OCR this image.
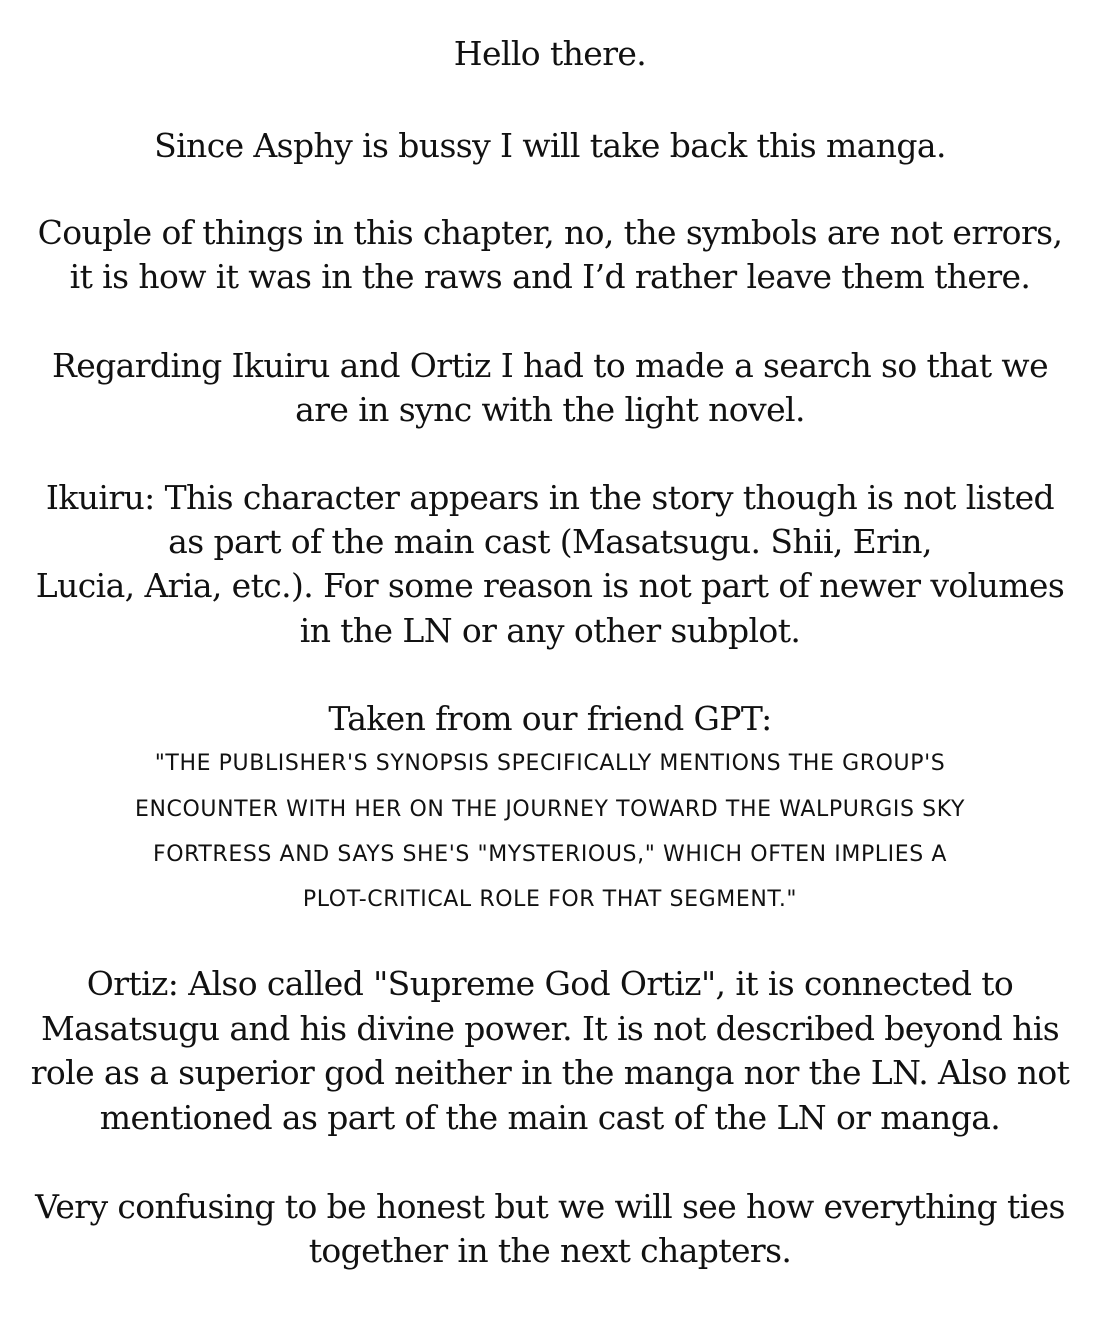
Hello there.
Since Asphy is bussy I will take back this manga.
Couple of things in this chapter, no, the symbols are not errors,
it is how it was in the raws and I’d rather leave them there.
Regarding Ikuiru and Ortiz I had to made a search so that we
are in sync with the light novel.
Ikuiru: This character appears in the story though is not listed
as part of the main cast (Masatsugu. Shii, Erin,
Lucia, Aria, etc.). For some reason is not part of newer volumes
in the LN or any other subplot.
Taken from our friend GPT:
"THE PUBLISHER'S SYNOPSIS SPECIFICALLY MENTIONS THE GROUP'S
ENCOUNTER WITH HER ON THE JOURNEY TOWARD THE WALPURGIS SKY
FORTRESS AND SAYS SHE'S "MYSTERIOUS," WHICH OFTEN IMPLIES A
PLOT-CRITICAL ROLE FOR THAT SEGMENT."
Ortiz: Also called "Supreme God Ortiz", it is connected to
Masatsugu and his divine power. It is not described beyond his
role as a superior god neither in the manga nor the LN. Also not
mentioned as part of the main cast of the LN or manga.
Very confusing to be honest but we will see how everything ties
together in the next chapters.
